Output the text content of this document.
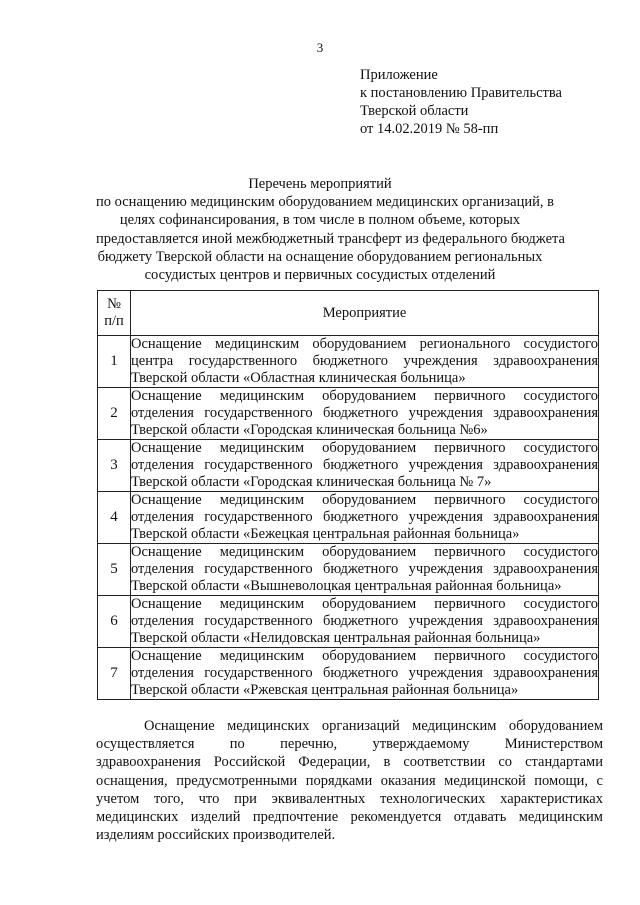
3
Приложение
к постановлению Правительства
Тверской области
от 14.02.2019 № 58-пп
Перечень мероприятий
по оснащению медицинским оборудованием медицинских организаций, в
целях софинансирования, в том числе в полном объеме, которых
предоставляется иной межбюджетный трансферт из федерального бюджета
бюджету Тверской области на оснащение оборудованием региональных
сосудистых центров и первичных сосудистых отделений
№
п/п	Мероприятие
1	Оснащение медицинским оборудованием регионального сосудистого
центра государственного бюджетного учреждения здравоохранения
Тверской области «Областная клиническая больница»

2	Оснащение медицинским оборудованием первичного сосудистого
отделения государственного бюджетного учреждения здравоохранения
Тверской области «Городская клиническая больница №6»

3	Оснащение медицинским оборудованием первичного сосудистого
отделения государственного бюджетного учреждения здравоохранения
Тверской области «Городская клиническая больница № 7»

4	Оснащение медицинским оборудованием первичного сосудистого
отделения государственного бюджетного учреждения здравоохранения
Тверской области «Бежецкая центральная районная больница»

5	Оснащение медицинским оборудованием первичного сосудистого
отделения государственного бюджетного учреждения здравоохранения
Тверской области «Вышневолоцкая центральная районная больница»

6	Оснащение медицинским оборудованием первичного сосудистого
отделения государственного бюджетного учреждения здравоохранения
Тверской области «Нелидовская центральная районная больница»

7	Оснащение медицинским оборудованием первичного сосудистого
отделения государственного бюджетного учреждения здравоохранения
Тверской области «Ржевская центральная районная больница»
Оснащение медицинских организаций медицинским оборудованием
осуществляется по перечню, утверждаемому Министерством
здравоохранения Российской Федерации, в соответствии со стандартами
оснащения, предусмотренными порядками оказания медицинской помощи, с
учетом того, что при эквивалентных технологических характеристиках
медицинских изделий предпочтение рекомендуется отдавать медицинским
изделиям российских производителей.
